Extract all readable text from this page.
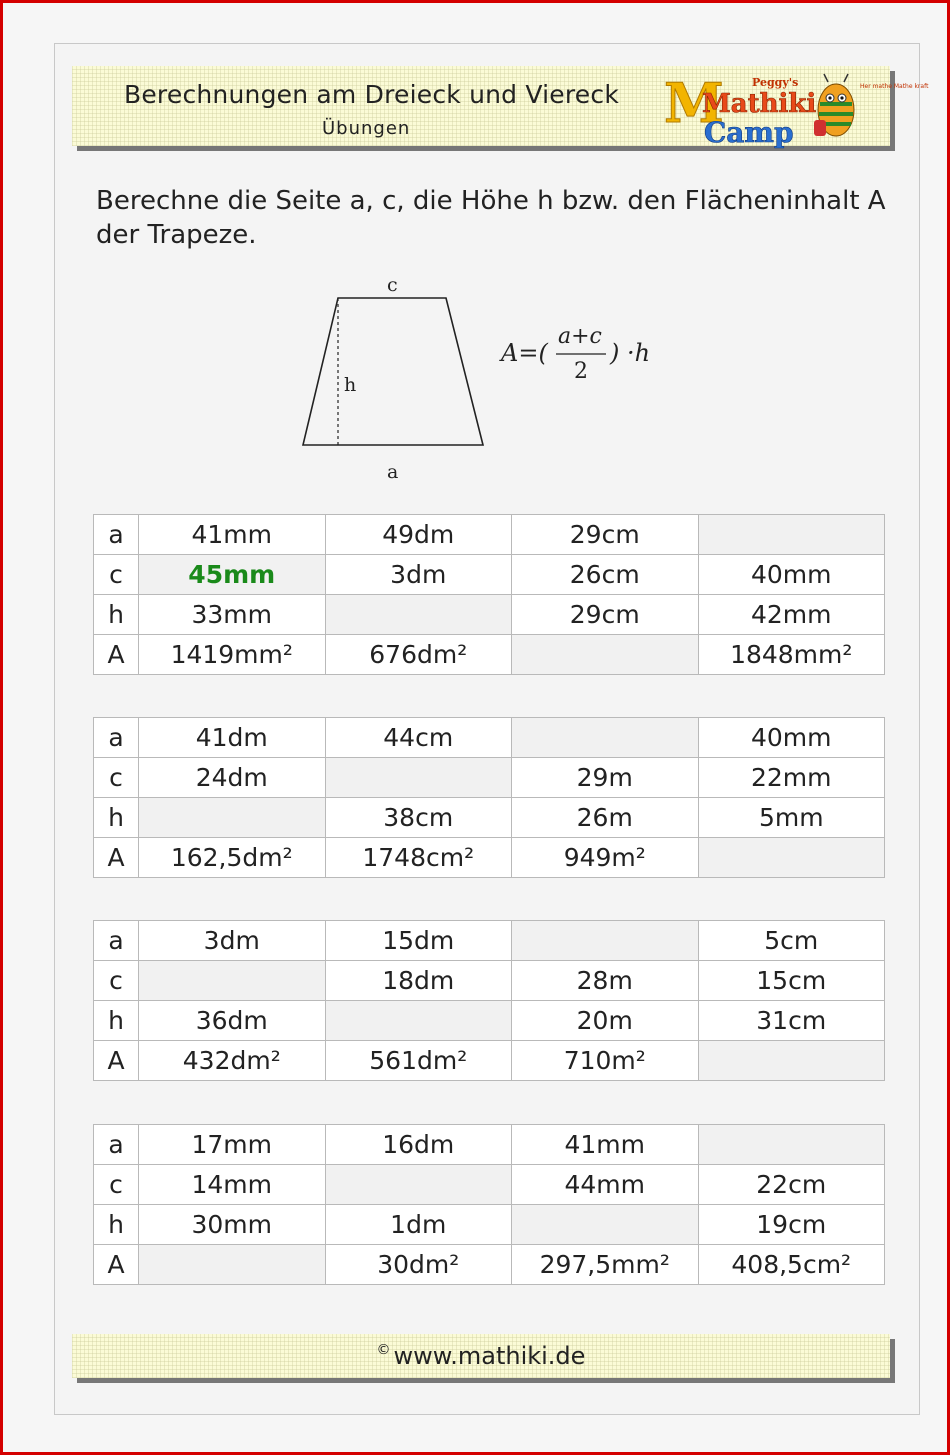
Berechnungen am Dreieck und Viereck
Übungen	M
Mathiki
Camp
Peggy's	Her mathe Mathe kraft
Berechne die Seite a, c, die Höhe h bzw. den Flächeninhalt A der Trapeze.
c
a
h
A=(
a+c
2
) ·h
a	41mm	49dm	29cm	
c	45mm	3dm	26cm	40mm
h	33mm		29cm	42mm
A	1419mm²	676dm²		1848mm²
a	41dm	44cm		40mm
c	24dm		29m	22mm
h		38cm	26m	5mm
A	162,5dm²	1748cm²	949m²	
a	3dm	15dm		5cm
c		18dm	28m	15cm
h	36dm		20m	31cm
A	432dm²	561dm²	710m²	
a	17mm	16dm	41mm	
c	14mm		44mm	22cm
h	30mm	1dm		19cm
A		30dm²	297,5mm²	408,5cm²
© www.mathiki.de
